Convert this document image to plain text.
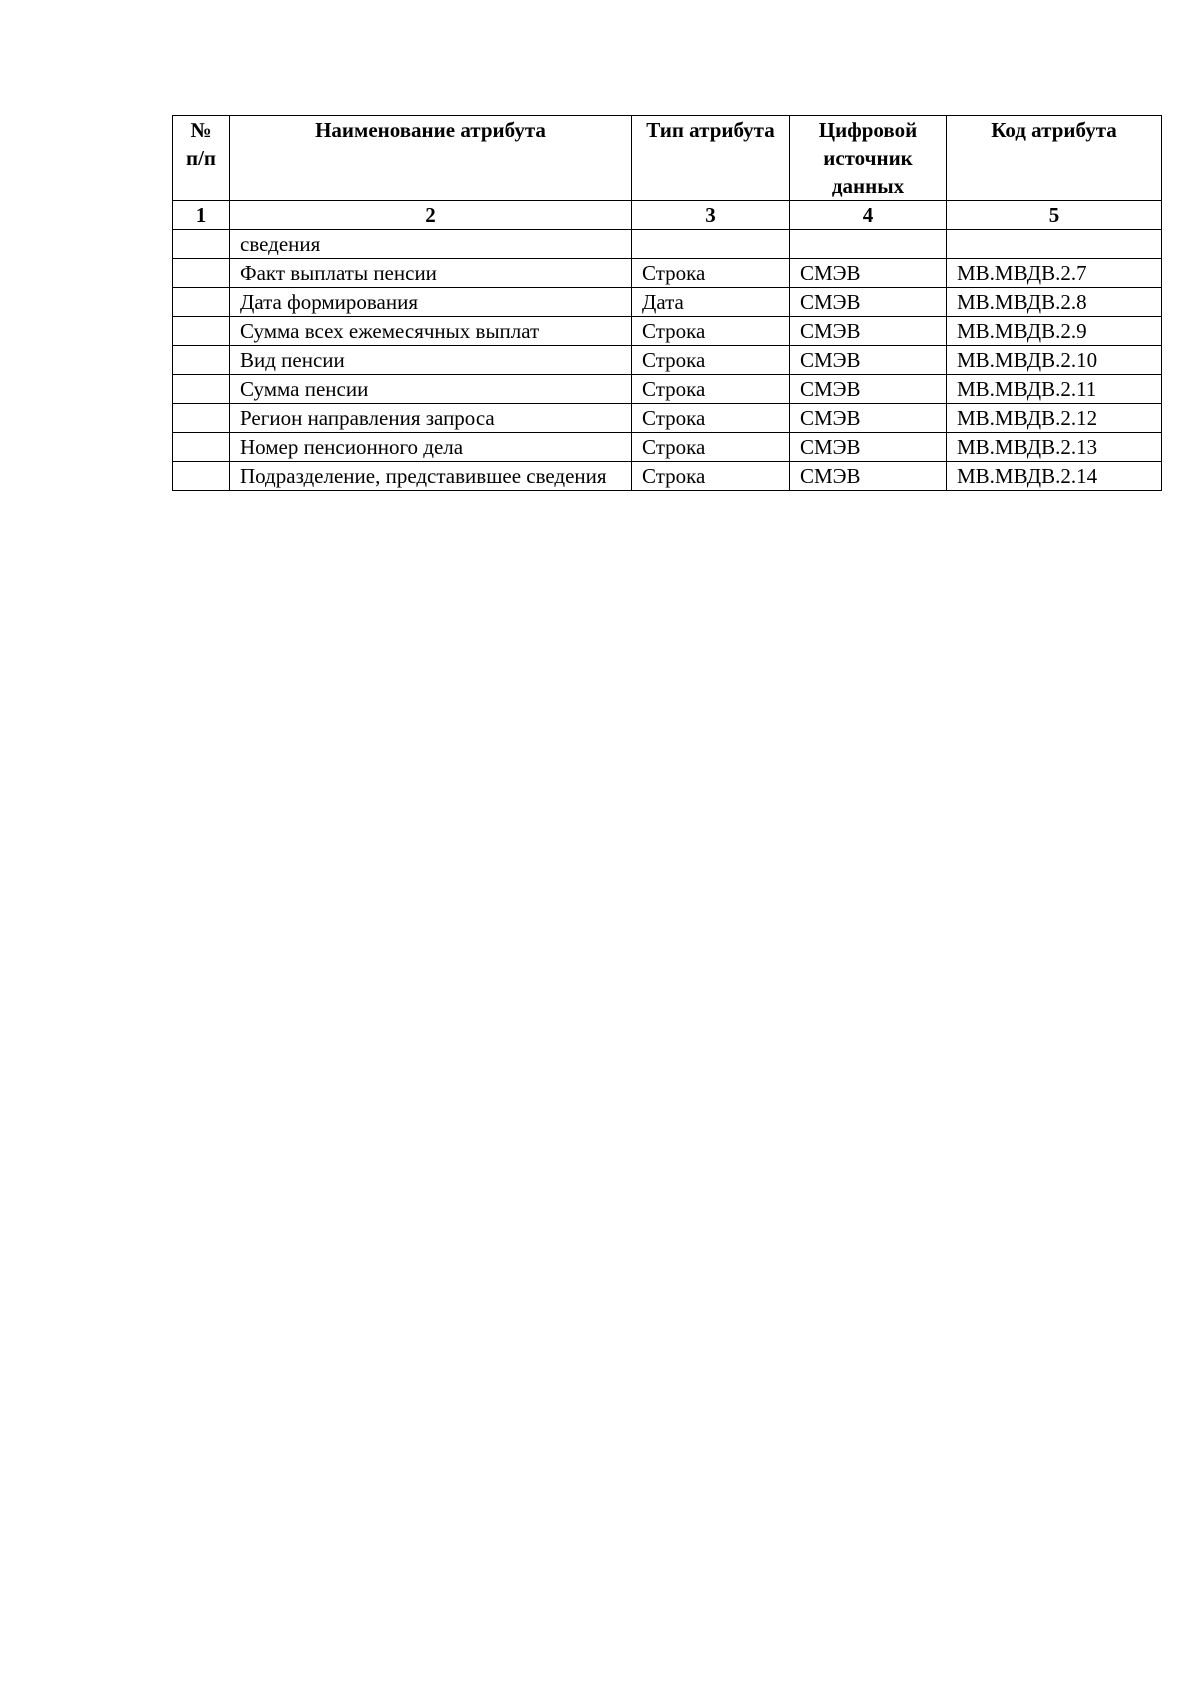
№ п/п	Наименование атрибута	Тип атрибута	Цифровой источник данных	Код атрибута
1	2	3	4	5
	сведения			
	Факт выплаты пенсии	Строка	СМЭВ	МВ.МВДВ.2.7
	Дата формирования	Дата	СМЭВ	МВ.МВДВ.2.8
	Сумма всех ежемесячных выплат	Строка	СМЭВ	МВ.МВДВ.2.9
	Вид пенсии	Строка	СМЭВ	МВ.МВДВ.2.10
	Сумма пенсии	Строка	СМЭВ	МВ.МВДВ.2.11
	Регион направления запроса	Строка	СМЭВ	МВ.МВДВ.2.12
	Номер пенсионного дела	Строка	СМЭВ	МВ.МВДВ.2.13
	Подразделение, представившее сведения	Строка	СМЭВ	МВ.МВДВ.2.14
